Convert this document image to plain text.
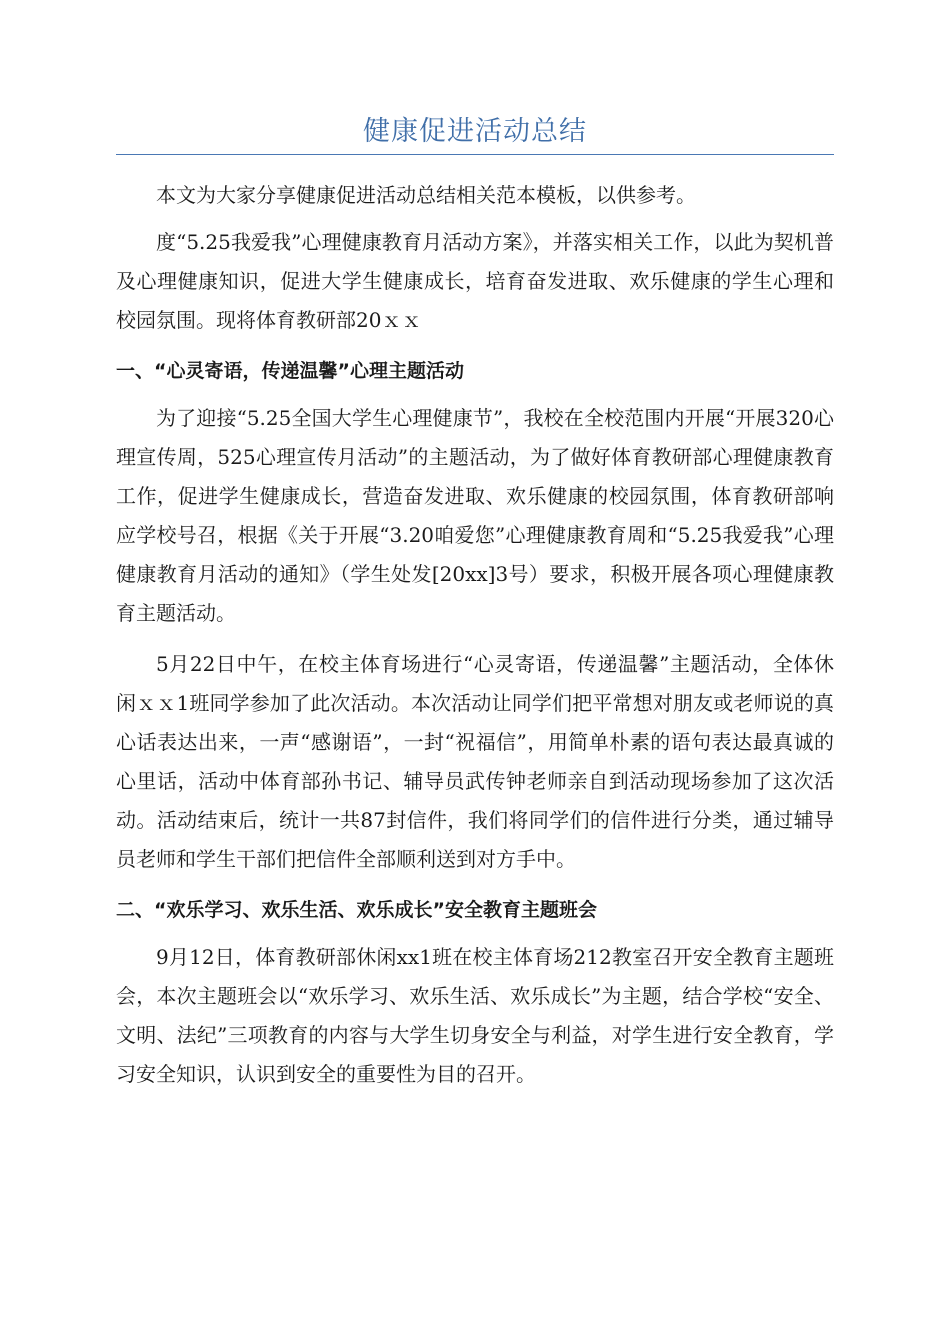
健康促进活动总结

本文为大家分享健康促进活动总结相关范本模板，以供参考。

度“5.25我爱我”心理健康教育月活动方案》，并落实相关工作，以此为契机普及心理健康知识，促进大学生健康成长，培育奋发进取、欢乐健康的学生心理和校园氛围。现将体育教研部20ｘｘ

一、“心灵寄语，传递温馨”心理主题活动

为了迎接“5.25全国大学生心理健康节”，我校在全校范围内开展“开展320心理宣传周，525心理宣传月活动”的主题活动，为了做好体育教研部心理健康教育工作，促进学生健康成长，营造奋发进取、欢乐健康的校园氛围，体育教研部响应学校号召，根据《关于开展“3.20咱爱您”心理健康教育周和“5.25我爱我”心理健康教育月活动的通知》（学生处发[20xx]3号）要求，积极开展各项心理健康教育主题活动。

5月22日中午，在校主体育场进行“心灵寄语，传递温馨”主题活动，全体休闲ｘｘ1班同学参加了此次活动。本次活动让同学们把平常想对朋友或老师说的真心话表达出来，一声“感谢语”，一封“祝福信”，用简单朴素的语句表达最真诚的心里话，活动中体育部孙书记、辅导员武传钟老师亲自到活动现场参加了这次活动。活动结束后，统计一共87封信件，我们将同学们的信件进行分类，通过辅导员老师和学生干部们把信件全部顺利送到对方手中。

二、“欢乐学习、欢乐生活、欢乐成长”安全教育主题班会

9月12日，体育教研部休闲xx1班在校主体育场212教室召开安全教育主题班会，本次主题班会以“欢乐学习、欢乐生活、欢乐成长”为主题，结合学校“安全、文明、法纪”三项教育的内容与大学生切身安全与利益，对学生进行安全教育，学习安全知识，认识到安全的重要性为目的召开。
